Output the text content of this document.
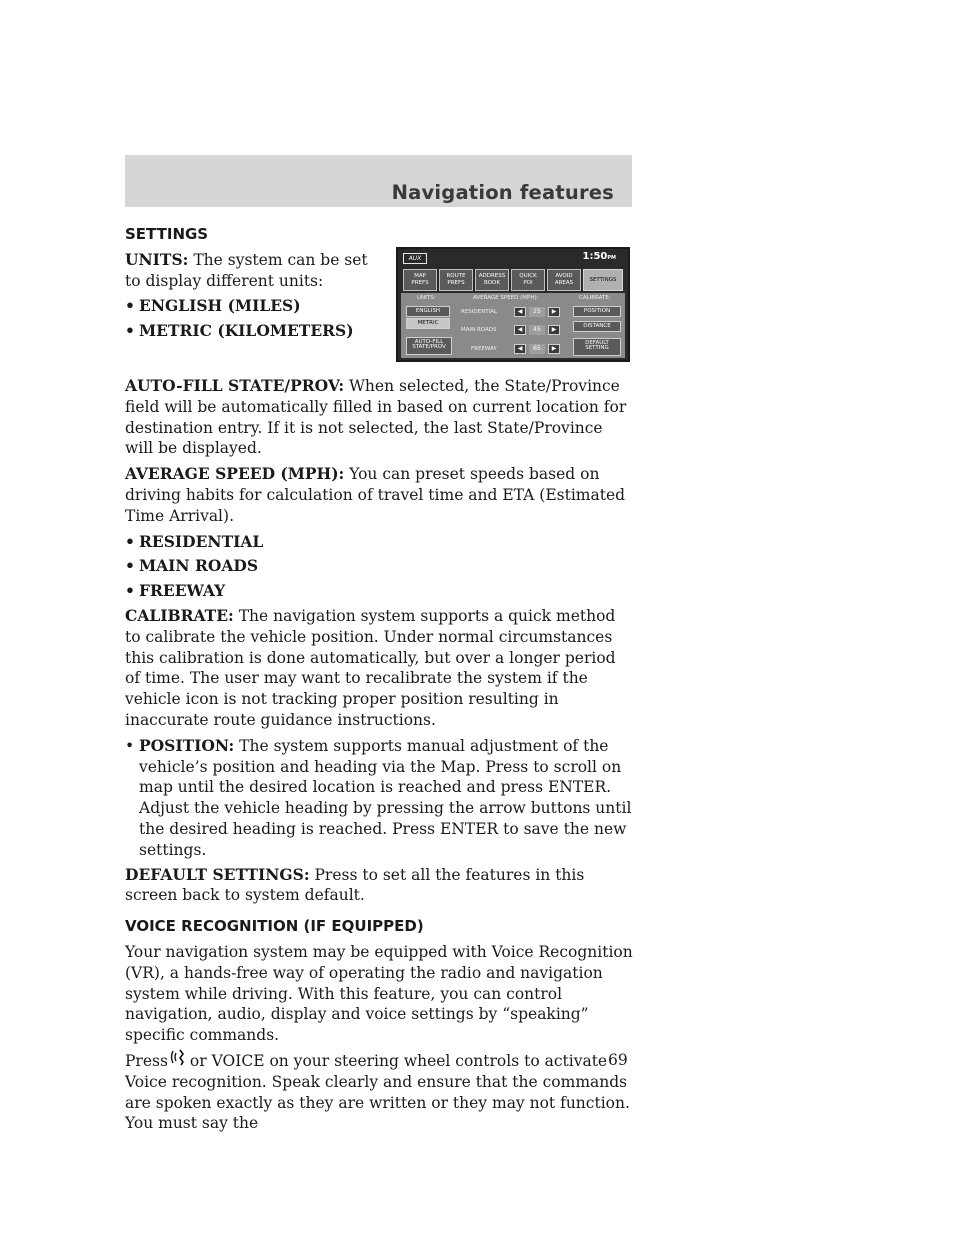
Navigation features
AUX	1:50PM
MAP
PREFS
ROUTE
PREFS
ADDRESS
BOOK
QUICK
POI
AVOID
AREAS	SETTINGS
UNITS:
ENGLISH
METRIC
AUTO-FILL
STATE/PROV
AVERAGE SPEED (MPH):
RESIDENTIAL
MAIN ROADS
FREEWAY
◀	25	▶
◀	45	▶
◀	65	▶
CALIBRATE:
POSITION
DISTANCE
DEFAULT
SETTING
SETTINGS

UNITS: The system can be set to display different units:

• ENGLISH (MILES)
• METRIC (KILOMETERS)

AUTO-FILL STATE/PROV: When selected, the State/Province field will be automatically filled in based on current location for destination entry. If it is not selected, the last State/Province will be displayed.

AVERAGE SPEED (MPH): You can preset speeds based on driving habits for calculation of travel time and ETA (Estimated Time Arrival).

• RESIDENTIAL
• MAIN ROADS
• FREEWAY

CALIBRATE: The navigation system supports a quick method to calibrate the vehicle position. Under normal circumstances this calibration is done automatically, but over a longer period of time. The user may want to recalibrate the system if the vehicle icon is not tracking proper position resulting in inaccurate route guidance instructions.

• POSITION: The system supports manual adjustment of the vehicle’s position and heading via the Map. Press to scroll on map until the desired location is reached and press ENTER. Adjust the vehicle heading by pressing the arrow buttons until the desired heading is reached. Press ENTER to save the new settings.

DEFAULT SETTINGS: Press to set all the features in this screen back to system default.

VOICE RECOGNITION (IF EQUIPPED)

Your navigation system may be equipped with Voice Recognition (VR), a hands-free way of operating the radio and navigation system while driving. With this feature, you can control navigation, audio, display and voice settings by “speaking” specific commands.

Press or VOICE on your steering wheel controls to activate Voice recognition. Speak clearly and ensure that the commands are spoken exactly as they are written or they may not function. You must say the

69
